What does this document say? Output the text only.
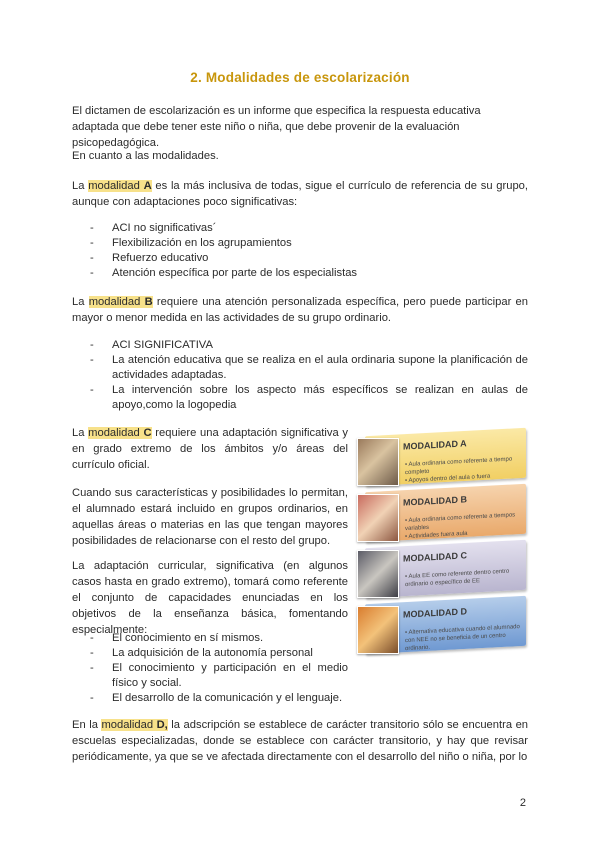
2. Modalidades de escolarización

El dictamen de escolarización es un informe que especifica la respuesta educativa adaptada que debe tener este niño o niña, que debe provenir de la evaluación psicopedagógica.

En cuanto a las modalidades.

La modalidad A es la más inclusiva de todas, sigue el currículo de referencia de su grupo, aunque con adaptaciones poco significativas:

- ACI no significativas´
- Flexibilización en los agrupamientos
- Refuerzo educativo
- Atención específica por parte de los especialistas

La modalidad B requiere una atención personalizada específica, pero puede participar en mayor o menor medida en las actividades de su grupo ordinario.

- ACI SIGNIFICATIVA
- La atención educativa que se realiza en el aula ordinaria supone la planificación de actividades adaptadas.
- La intervención sobre los aspecto más específicos se realizan en aulas de apoyo,como la logopedia

La modalidad C requiere una adaptación significativa y en grado extremo de los ámbitos y/o áreas del currículo oficial.

Cuando sus características y posibilidades lo permitan, el alumnado estará incluido en grupos ordinarios, en aquellas áreas o materias en las que tengan mayores posibilidades de relacionarse con el resto del grupo.

La adaptación curricular, significativa (en algunos casos hasta en grado extremo), tomará como referente el conjunto de capacidades enunciadas en los objetivos de la enseñanza básica, fomentando especialmente:

- El conocimiento en sí mismos.
- La adquisición de la autonomía personal
- El conocimiento y participación en el medio físico y social.
- El desarrollo de la comunicación y el lenguaje.
MODALIDAD A
• Aula ordinaria como referente a tiempo completo
• Apoyos dentro del aula o fuera
MODALIDAD B
• Aula ordinaria como referente a tiempos variables
• Actividades fuera aula
MODALIDAD C
• Aula EE como referente dentro centro ordinario o específico de EE
MODALIDAD D
• Alternativa educativa cuando el alumnado con NEE no se beneficia de un centro ordinario.

En la modalidad D, la adscripción se establece de carácter transitorio sólo se encuentra en escuelas especializadas, donde se establece con carácter transitorio, y hay que revisar periódicamente, ya que se ve afectada directamente con el desarrollo del niño o niña, por lo

2
